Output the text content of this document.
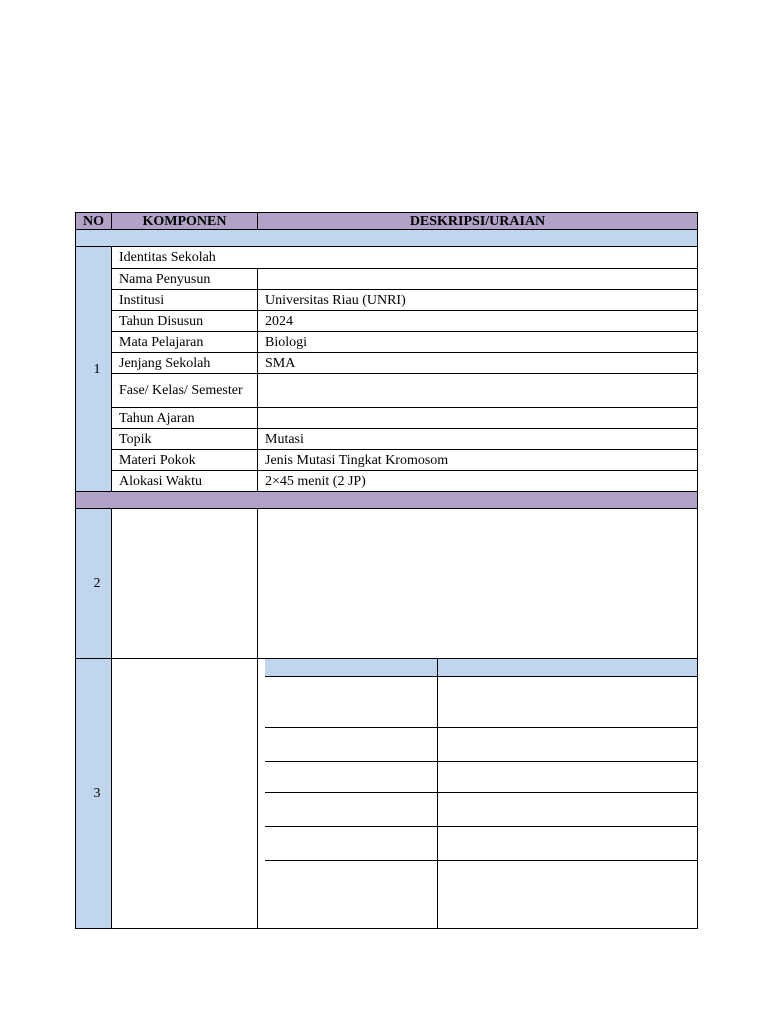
NO	KOMPONEN	DESKRIPSI/URAIAN

1	Identitas Sekolah
Nama Penyusun	
Institusi	Universitas Riau (UNRI)
Tahun Disusun	2024
Mata Pelajaran	Biologi
Jenjang Sekolah	SMA
Fase/ Kelas/ Semester	
Tahun Ajaran	
Topik	Mutasi
Materi Pokok	Jenis Mutasi Tingkat Kromosom
Alokasi Waktu	2×45 menit (2 JP)

2		
3		
